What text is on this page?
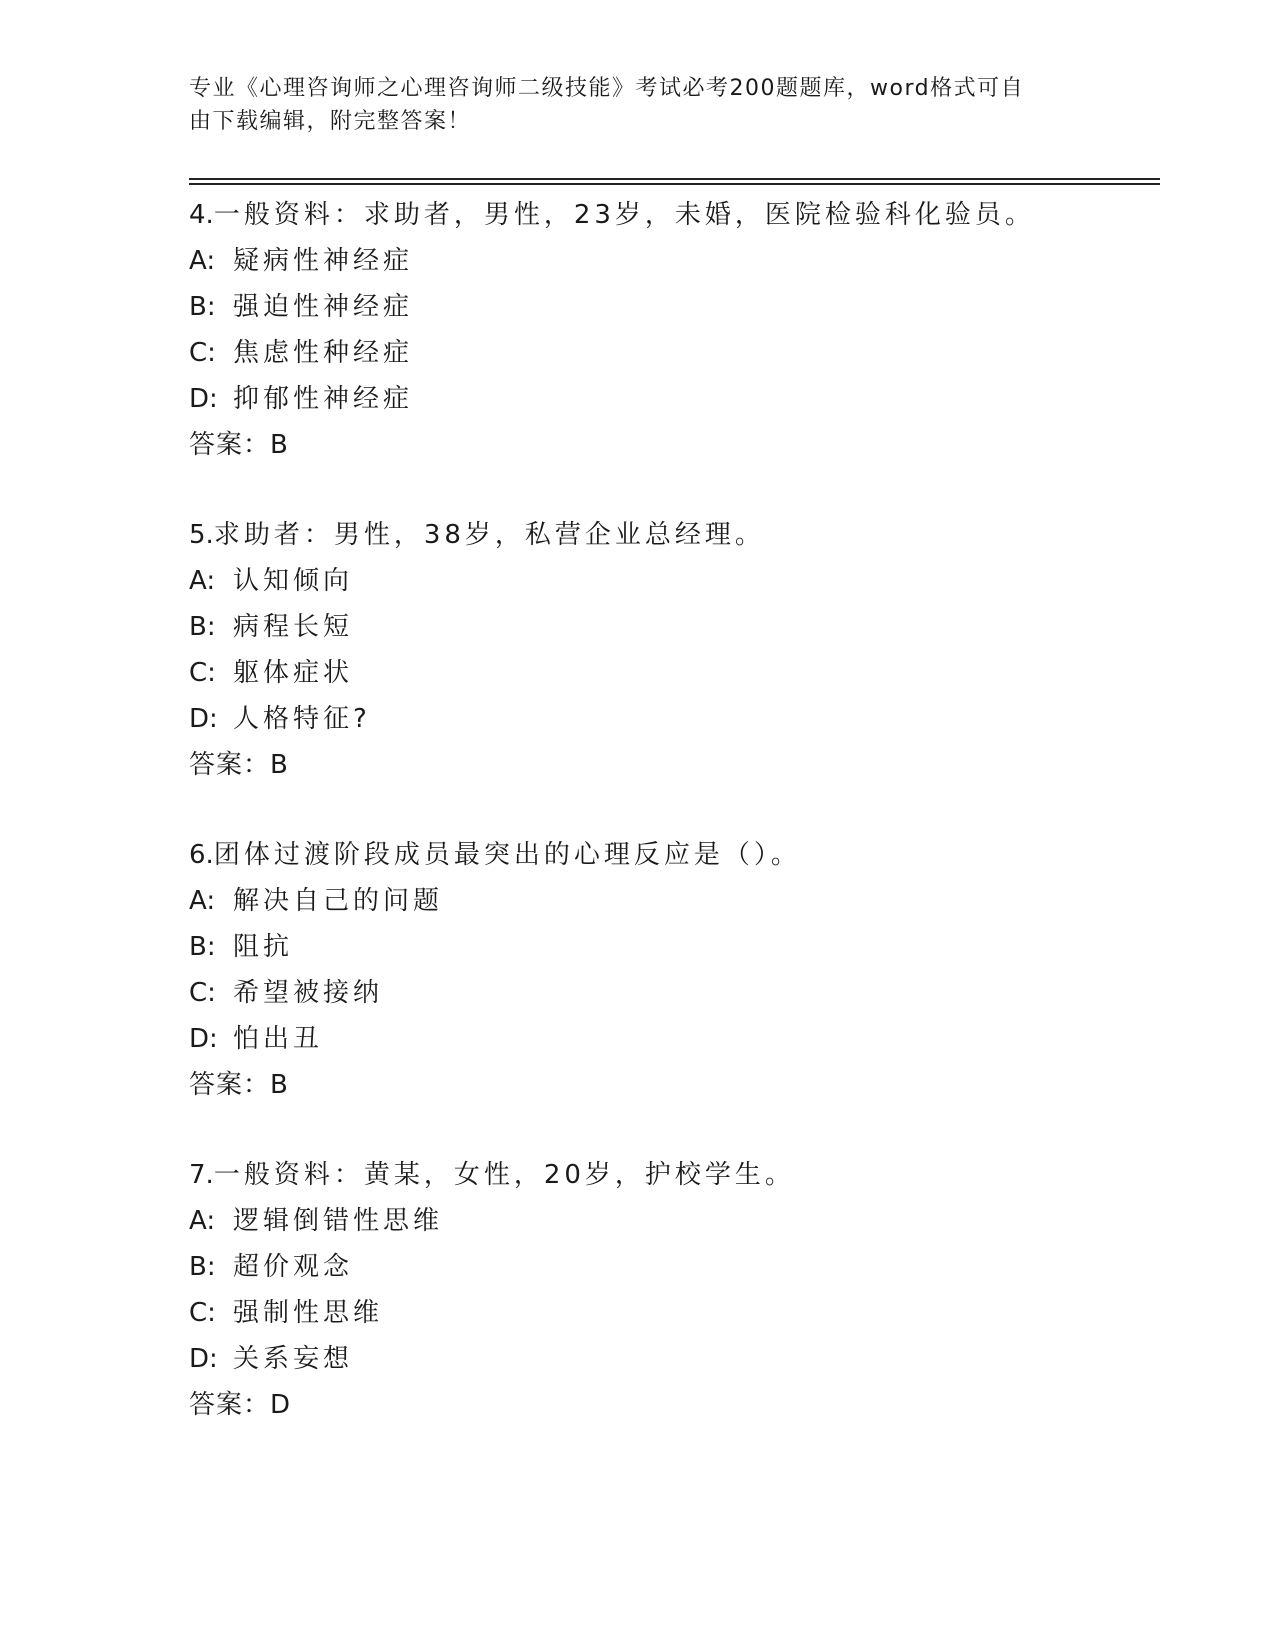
专业《心理咨询师之心理咨询师二级技能》考试必考200题题库，word格式可自
由下载编辑，附完整答案！
4.一般资料：求助者，男性，23岁，未婚，医院检验科化验员。
A: 疑病性神经症
B: 强迫性神经症
C: 焦虑性种经症
D: 抑郁性神经症
答案：B
5.求助者：男性，38岁，私营企业总经理。
A: 认知倾向
B: 病程长短
C: 躯体症状
D: 人格特征?
答案：B
6.团体过渡阶段成员最突出的心理反应是（）。
A: 解决自己的问题
B: 阻抗
C: 希望被接纳
D: 怕出丑
答案：B
7.一般资料：黄某，女性，20岁，护校学生。
A: 逻辑倒错性思维
B: 超价观念
C: 强制性思维
D: 关系妄想
答案：D
